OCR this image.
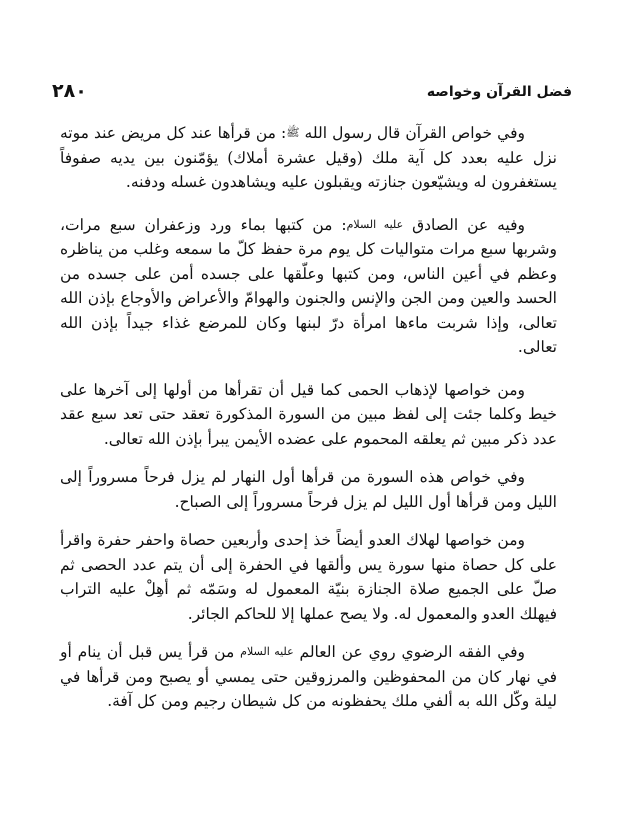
٢٨٠	فضل القرآن وخواصه

وفي خواص القرآن قال رسول الله ﷺ: من قرأها عند كل مريض عند موته نزل عليه بعدد كل آية ملك (وقيل عشرة أملاك) يؤمّنون بين يديه صفوفاً يستغفرون له ويشيّعون جنازته ويقبلون عليه ويشاهدون غسله ودفنه.

وفيه عن الصادق عليه السلام: من كتبها بماء ورد وزعفران سبع مرات، وشربها سبع مرات متواليات كل يوم مرة حفظ كلّ ما سمعه وغلب من يناظره وعظم في أعين الناس، ومن كتبها وعلّقها على جسده أمن على جسده من الحسد والعين ومن الجن والإنس والجنون والهوامّ والأعراض والأوجاع بإذن الله تعالى، وإذا شربت ماءها امرأة درّ لبنها وكان للمرضع غذاء جيداً بإذن الله تعالى.

ومن خواصها لإذهاب الحمى كما قيل أن تقرأها من أولها إلى آخرها على خيط وكلما جئت إلى لفظ مبين من السورة المذكورة تعقد حتى تعد سبع عقد عدد ذكر مبين ثم يعلقه المحموم على عضده الأيمن يبرأ بإذن الله تعالى.

وفي خواص هذه السورة من قرأها أول النهار لم يزل فرحاً مسروراً إلى الليل ومن قرأها أول الليل لم يزل فرحاً مسروراً إلى الصباح.

ومن خواصها لهلاك العدو أيضاً خذ إحدى وأربعين حصاة واحفر حفرة واقرأ على كل حصاة منها سورة يس وألقها في الحفرة إلى أن يتم عدد الحصى ثم صلّ على الجميع صلاة الجنازة بنيّة المعمول له وسَمّه ثم أهِلْ عليه التراب فيهلك العدو والمعمول له. ولا يصح عملها إلا للحاكم الجائر.

وفي الفقه الرضوي روي عن العالم عليه السلام من قرأ يس قبل أن ينام أو في نهار كان من المحفوظين والمرزوقين حتى يمسي أو يصبح ومن قرأها في ليلة وكّل الله به ألفي ملك يحفظونه من كل شيطان رجيم ومن كل آفة.
